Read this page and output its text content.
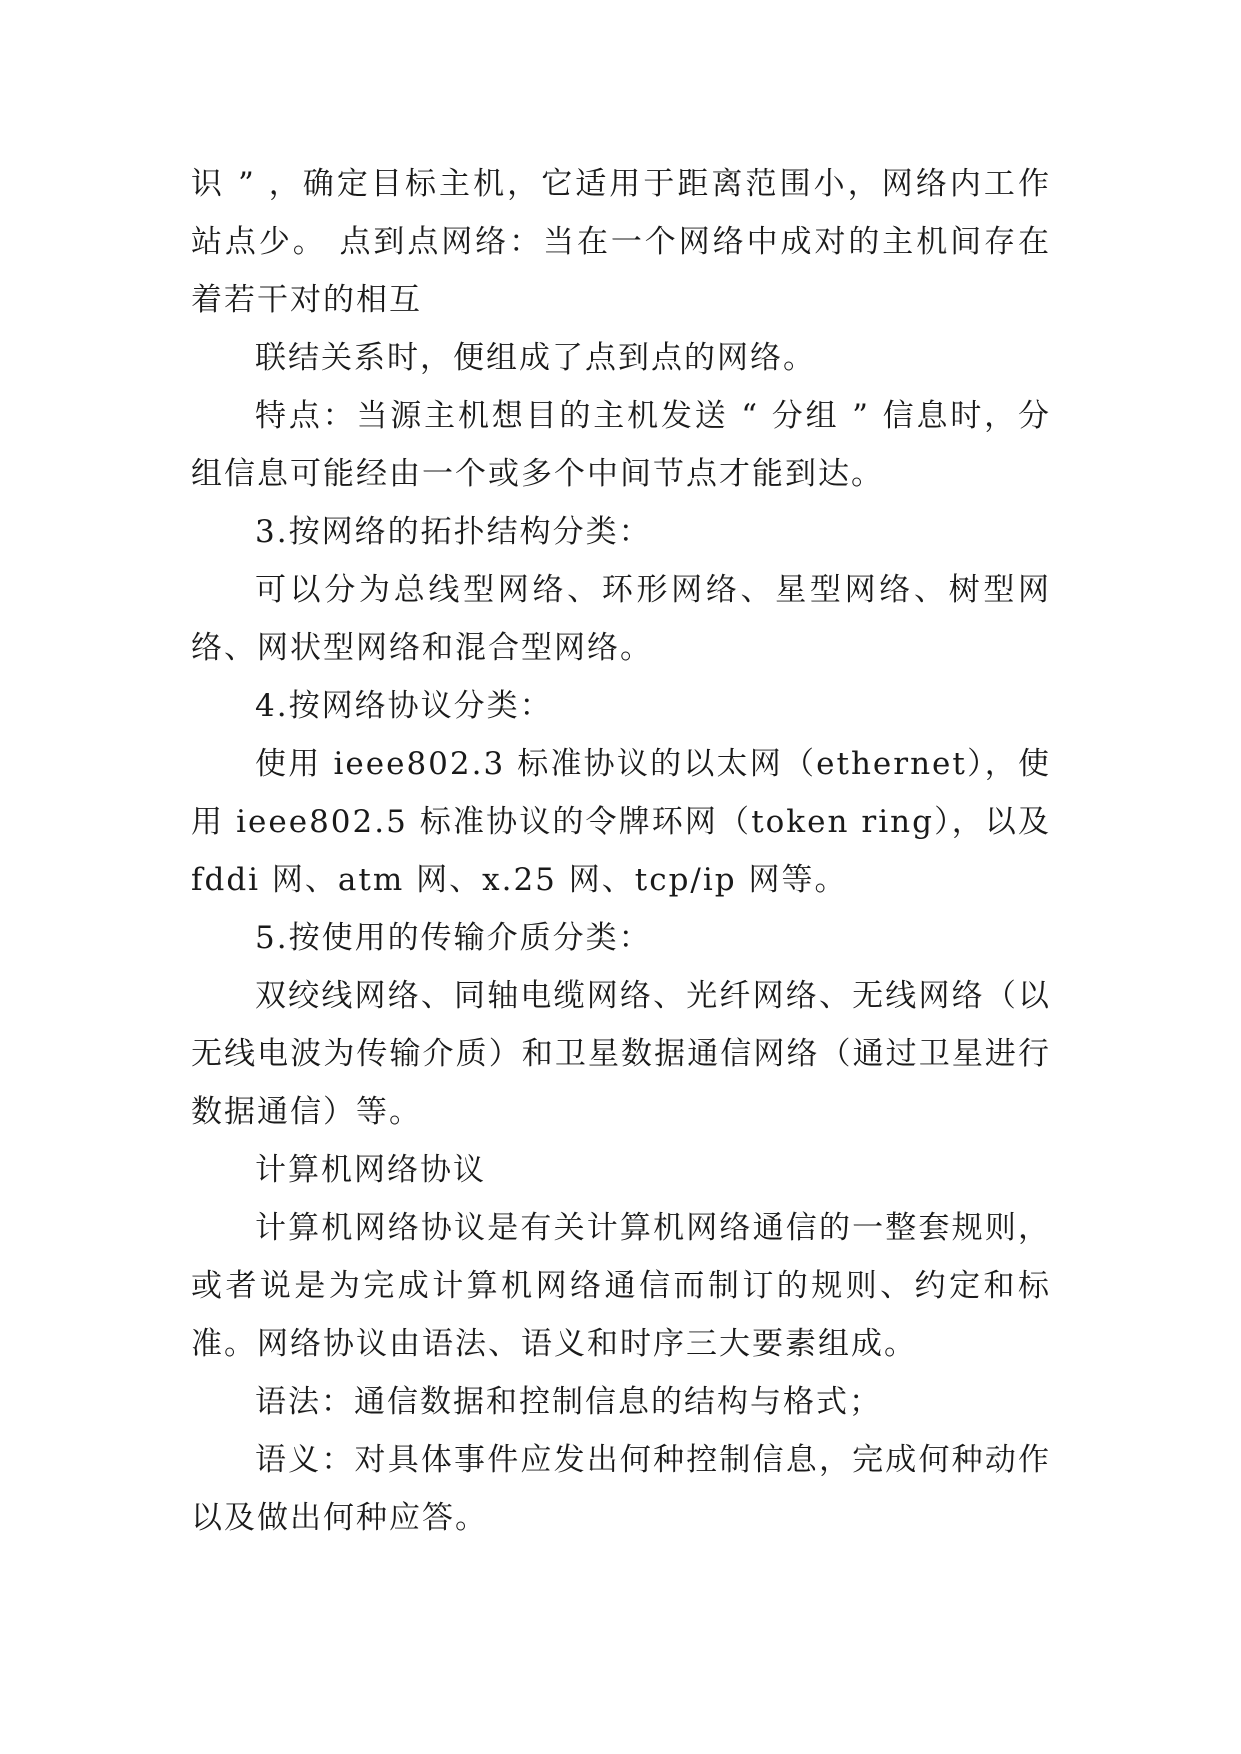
识 ” ，确定目标主机，它适用于距离范围小，网络内工作站点少。 点到点网络：当在一个网络中成对的主机间存在着若干对的相互

联结关系时，便组成了点到点的网络。

特点：当源主机想目的主机发送 “ 分组 ” 信息时，分组信息可能经由一个或多个中间节点才能到达。

3.按网络的拓扑结构分类：

可以分为总线型网络、环形网络、星型网络、树型网络、网状型网络和混合型网络。

4.按网络协议分类：

使用 ieee802.3 标准协议的以太网（ethernet），使用 ieee802.5 标准协议的令牌环网（token ring），以及 fddi 网、atm 网、x.25 网、tcp/ip 网等。

5.按使用的传输介质分类：

双绞线网络、同轴电缆网络、光纤网络、无线网络（以无线电波为传输介质）和卫星数据通信网络（通过卫星进行数据通信）等。

计算机网络协议

计算机网络协议是有关计算机网络通信的一整套规则，或者说是为完成计算机网络通信而制订的规则、约定和标准。网络协议由语法、语义和时序三大要素组成。

语法：通信数据和控制信息的结构与格式；

语义：对具体事件应发出何种控制信息，完成何种动作以及做出何种应答。
